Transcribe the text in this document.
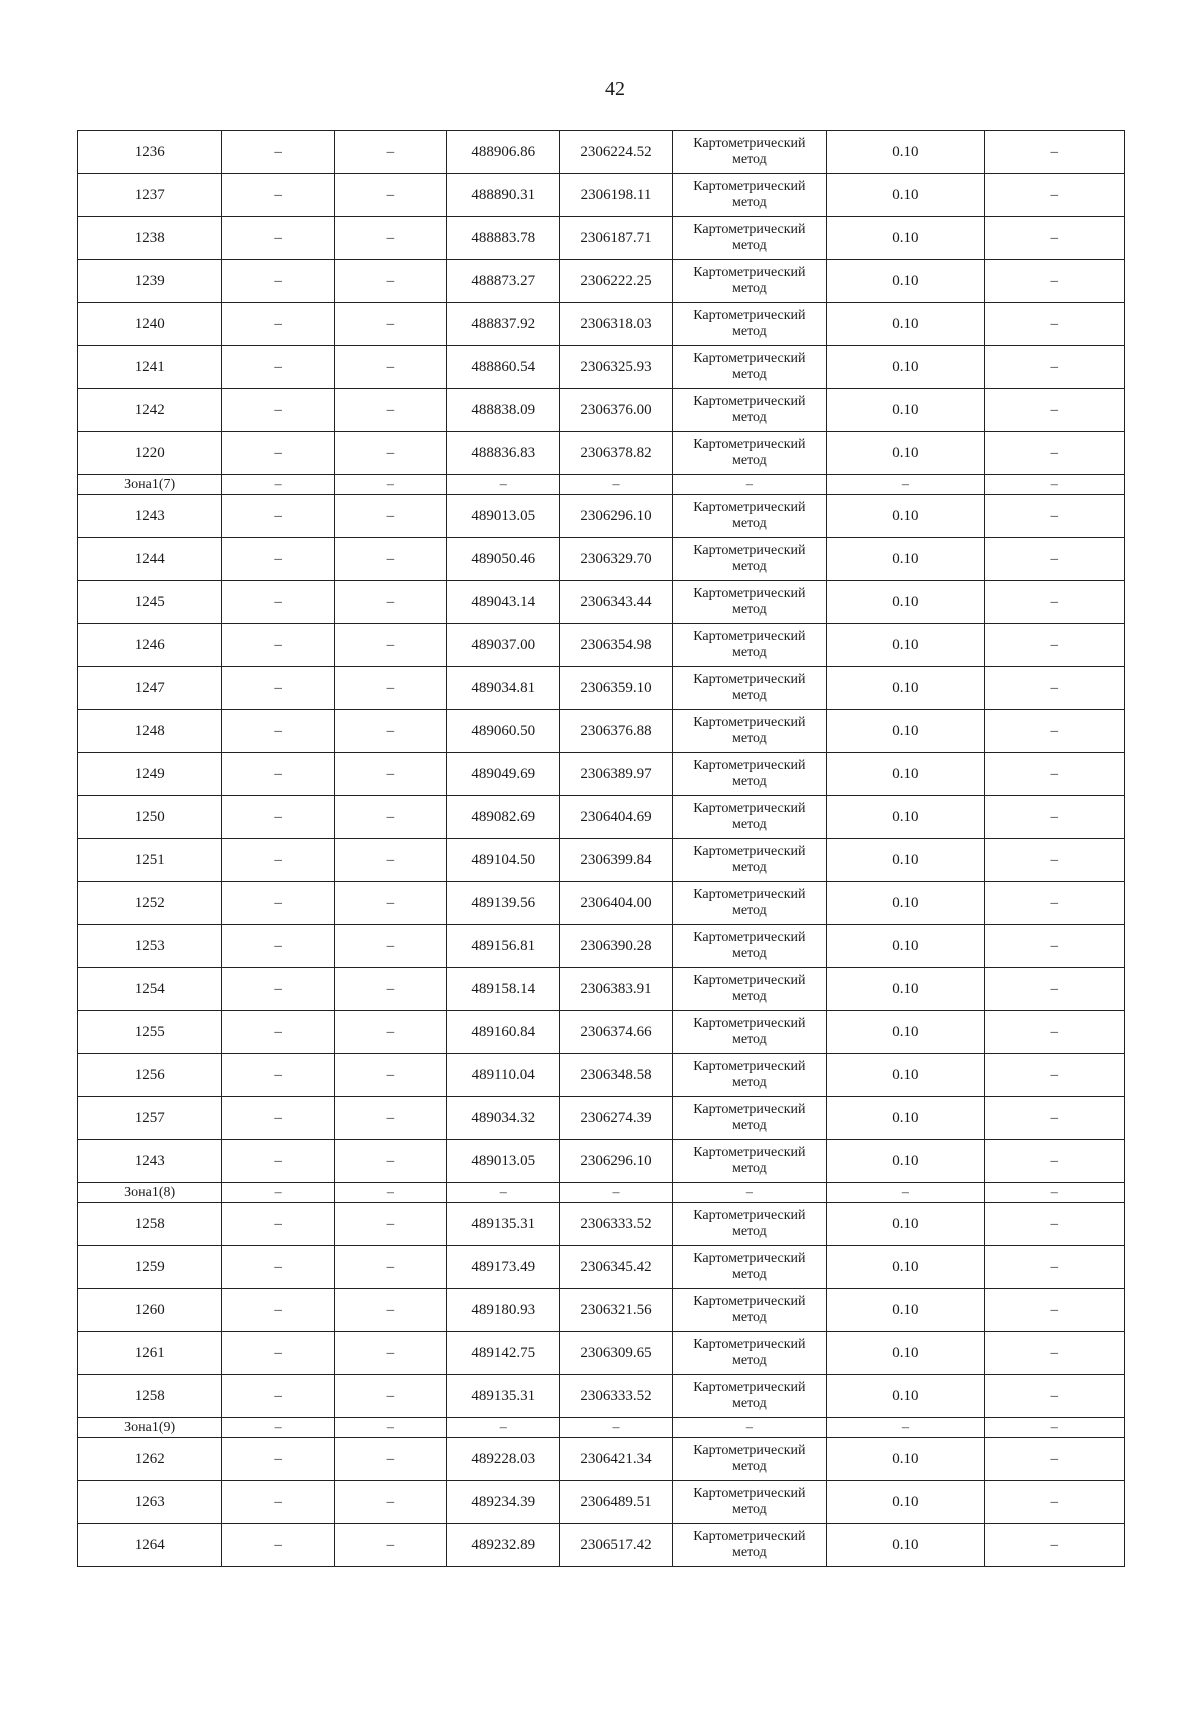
42
1236	–	–	488906.86	2306224.52	Картометрический метод	0.10	–
1237	–	–	488890.31	2306198.11	Картометрический метод	0.10	–
1238	–	–	488883.78	2306187.71	Картометрический метод	0.10	–
1239	–	–	488873.27	2306222.25	Картометрический метод	0.10	–
1240	–	–	488837.92	2306318.03	Картометрический метод	0.10	–
1241	–	–	488860.54	2306325.93	Картометрический метод	0.10	–
1242	–	–	488838.09	2306376.00	Картометрический метод	0.10	–
1220	–	–	488836.83	2306378.82	Картометрический метод	0.10	–
Зона1(7)	–	–	–	–	–	–	–
1243	–	–	489013.05	2306296.10	Картометрический метод	0.10	–
1244	–	–	489050.46	2306329.70	Картометрический метод	0.10	–
1245	–	–	489043.14	2306343.44	Картометрический метод	0.10	–
1246	–	–	489037.00	2306354.98	Картометрический метод	0.10	–
1247	–	–	489034.81	2306359.10	Картометрический метод	0.10	–
1248	–	–	489060.50	2306376.88	Картометрический метод	0.10	–
1249	–	–	489049.69	2306389.97	Картометрический метод	0.10	–
1250	–	–	489082.69	2306404.69	Картометрический метод	0.10	–
1251	–	–	489104.50	2306399.84	Картометрический метод	0.10	–
1252	–	–	489139.56	2306404.00	Картометрический метод	0.10	–
1253	–	–	489156.81	2306390.28	Картометрический метод	0.10	–
1254	–	–	489158.14	2306383.91	Картометрический метод	0.10	–
1255	–	–	489160.84	2306374.66	Картометрический метод	0.10	–
1256	–	–	489110.04	2306348.58	Картометрический метод	0.10	–
1257	–	–	489034.32	2306274.39	Картометрический метод	0.10	–
1243	–	–	489013.05	2306296.10	Картометрический метод	0.10	–
Зона1(8)	–	–	–	–	–	–	–
1258	–	–	489135.31	2306333.52	Картометрический метод	0.10	–
1259	–	–	489173.49	2306345.42	Картометрический метод	0.10	–
1260	–	–	489180.93	2306321.56	Картометрический метод	0.10	–
1261	–	–	489142.75	2306309.65	Картометрический метод	0.10	–
1258	–	–	489135.31	2306333.52	Картометрический метод	0.10	–
Зона1(9)	–	–	–	–	–	–	–
1262	–	–	489228.03	2306421.34	Картометрический метод	0.10	–
1263	–	–	489234.39	2306489.51	Картометрический метод	0.10	–
1264	–	–	489232.89	2306517.42	Картометрический метод	0.10	–
